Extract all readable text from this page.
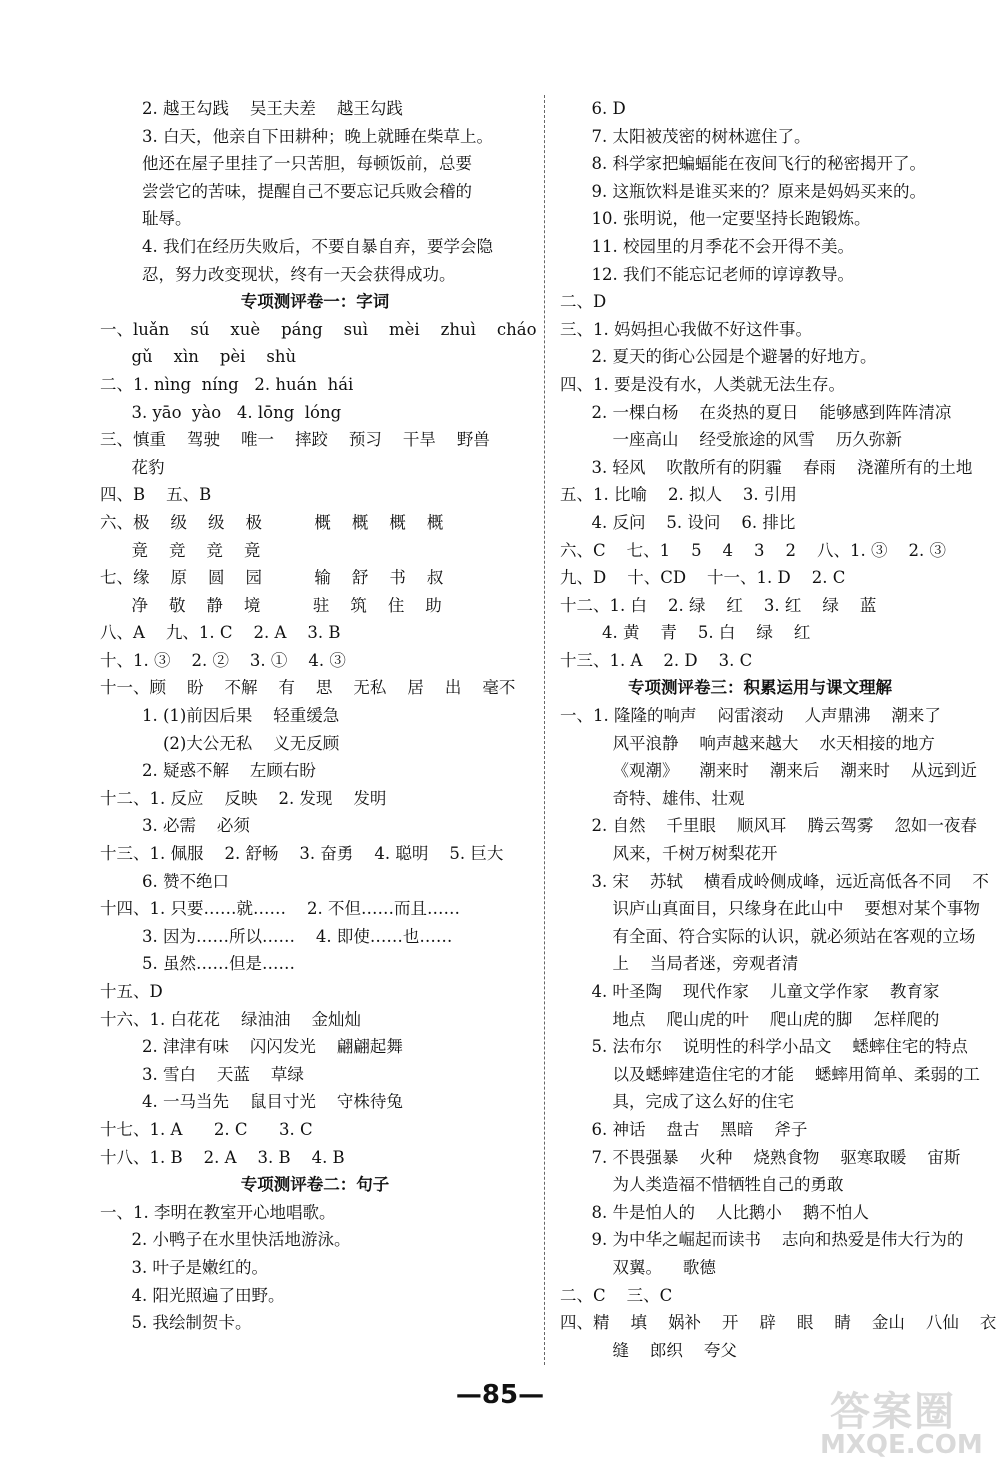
2. 越王勾践    吴王夫差    越王勾践
3. 白天，他亲自下田耕种；晚上就睡在柴草上。
他还在屋子里挂了一只苦胆，每顿饭前，总要
尝尝它的苦味，提醒自己不要忘记兵败会稽的
耻辱。
4. 我们在经历失败后，不要自暴自弃，要学会隐
忍，努力改变现状，终有一天会获得成功。
专项测评卷一：字词
一、luǎn    sú    xuè    páng    suì    mèi    zhuì    cháo
gǔ    xìn    pèi    shù
二、1. nìng  níng   2. huán  hái
3. yāo  yào   4. lōng  lóng
三、慎重    驾驶    唯一    摔跤    预习    干旱    野兽
花豹
四、B    五、B
六、极    级    级    极          概    概    概    概
竟    竞    竞    竟
七、缘    原    圆    园          输    舒    书    叔
净    敬    静    境          驻    筑    住    助
八、A    九、1. C    2. A    3. B
十、1. ③    2. ②    3. ①    4. ③
十一、顾    盼    不解    有    思    无私    居    出    毫不
1. (1)前因后果    轻重缓急
(2)大公无私    义无反顾
2. 疑惑不解    左顾右盼
十二、1. 反应    反映    2. 发现    发明
3. 必需    必须
十三、1. 佩服    2. 舒畅    3. 奋勇    4. 聪明    5. 巨大
6. 赞不绝口
十四、1. 只要……就……    2. 不但……而且……
3. 因为……所以……    4. 即使……也……
5. 虽然……但是……
十五、D
十六、1. 白花花    绿油油    金灿灿
2. 津津有味    闪闪发光    翩翩起舞
3. 雪白    天蓝    草绿
4. 一马当先    鼠目寸光    守株待兔
十七、1. A      2. C      3. C
十八、1. B    2. A    3. B    4. B
专项测评卷二：句子
一、1. 李明在教室开心地唱歌。
2. 小鸭子在水里快活地游泳。
3. 叶子是嫩红的。
4. 阳光照遍了田野。
5. 我绘制贺卡。
6. D
7. 太阳被茂密的树林遮住了。
8. 科学家把蝙蝠能在夜间飞行的秘密揭开了。
9. 这瓶饮料是谁买来的？原来是妈妈买来的。
10. 张明说，他一定要坚持长跑锻炼。
11. 校园里的月季花不会开得不美。
12. 我们不能忘记老师的谆谆教导。
二、D
三、1. 妈妈担心我做不好这件事。
2. 夏天的街心公园是个避暑的好地方。
四、1. 要是没有水，人类就无法生存。
2. 一棵白杨    在炎热的夏日    能够感到阵阵清凉
一座高山    经受旅途的风雪    历久弥新
3. 轻风    吹散所有的阴霾    春雨    浇灌所有的土地
五、1. 比喻    2. 拟人    3. 引用
4. 反问    5. 设问    6. 排比
六、C    七、1    5    4    3    2    八、1. ③    2. ③
九、D    十、CD    十一、1. D    2. C
十二、1. 白    2. 绿    红    3. 红    绿    蓝
4. 黄    青    5. 白    绿    红
十三、1. A    2. D    3. C
专项测评卷三：积累运用与课文理解
一、1. 隆隆的响声    闷雷滚动    人声鼎沸    潮来了
风平浪静    响声越来越大    水天相接的地方
《观潮》    潮来时    潮来后    潮来时    从远到近
奇特、雄伟、壮观
2. 自然    千里眼    顺风耳    腾云驾雾    忽如一夜春
风来，千树万树梨花开
3. 宋    苏轼    横看成岭侧成峰，远近高低各不同    不
识庐山真面目，只缘身在此山中    要想对某个事物
有全面、符合实际的认识，就必须站在客观的立场
上    当局者迷，旁观者清
4. 叶圣陶    现代作家    儿童文学作家    教育家
地点    爬山虎的叶    爬山虎的脚    怎样爬的
5. 法布尔    说明性的科学小品文    蟋蟀住宅的特点
以及蟋蟀建造住宅的才能    蟋蟀用简单、柔弱的工
具，完成了这么好的住宅
6. 神话    盘古    黑暗    斧子
7. 不畏强暴    火种    烧熟食物    驱寒取暖    宙斯
为人类造福不惜牺牲自己的勇敢
8. 牛是怕人的    人比鹅小    鹅不怕人
9. 为中华之崛起而读书    志向和热爱是伟大行为的
双翼。    歌德
二、C    三、C
四、精    填    娲补    开    辟    眼    睛    金山    八仙    衣
缝    郎织    夸父
—85—	答案圈
MXQE.COM
